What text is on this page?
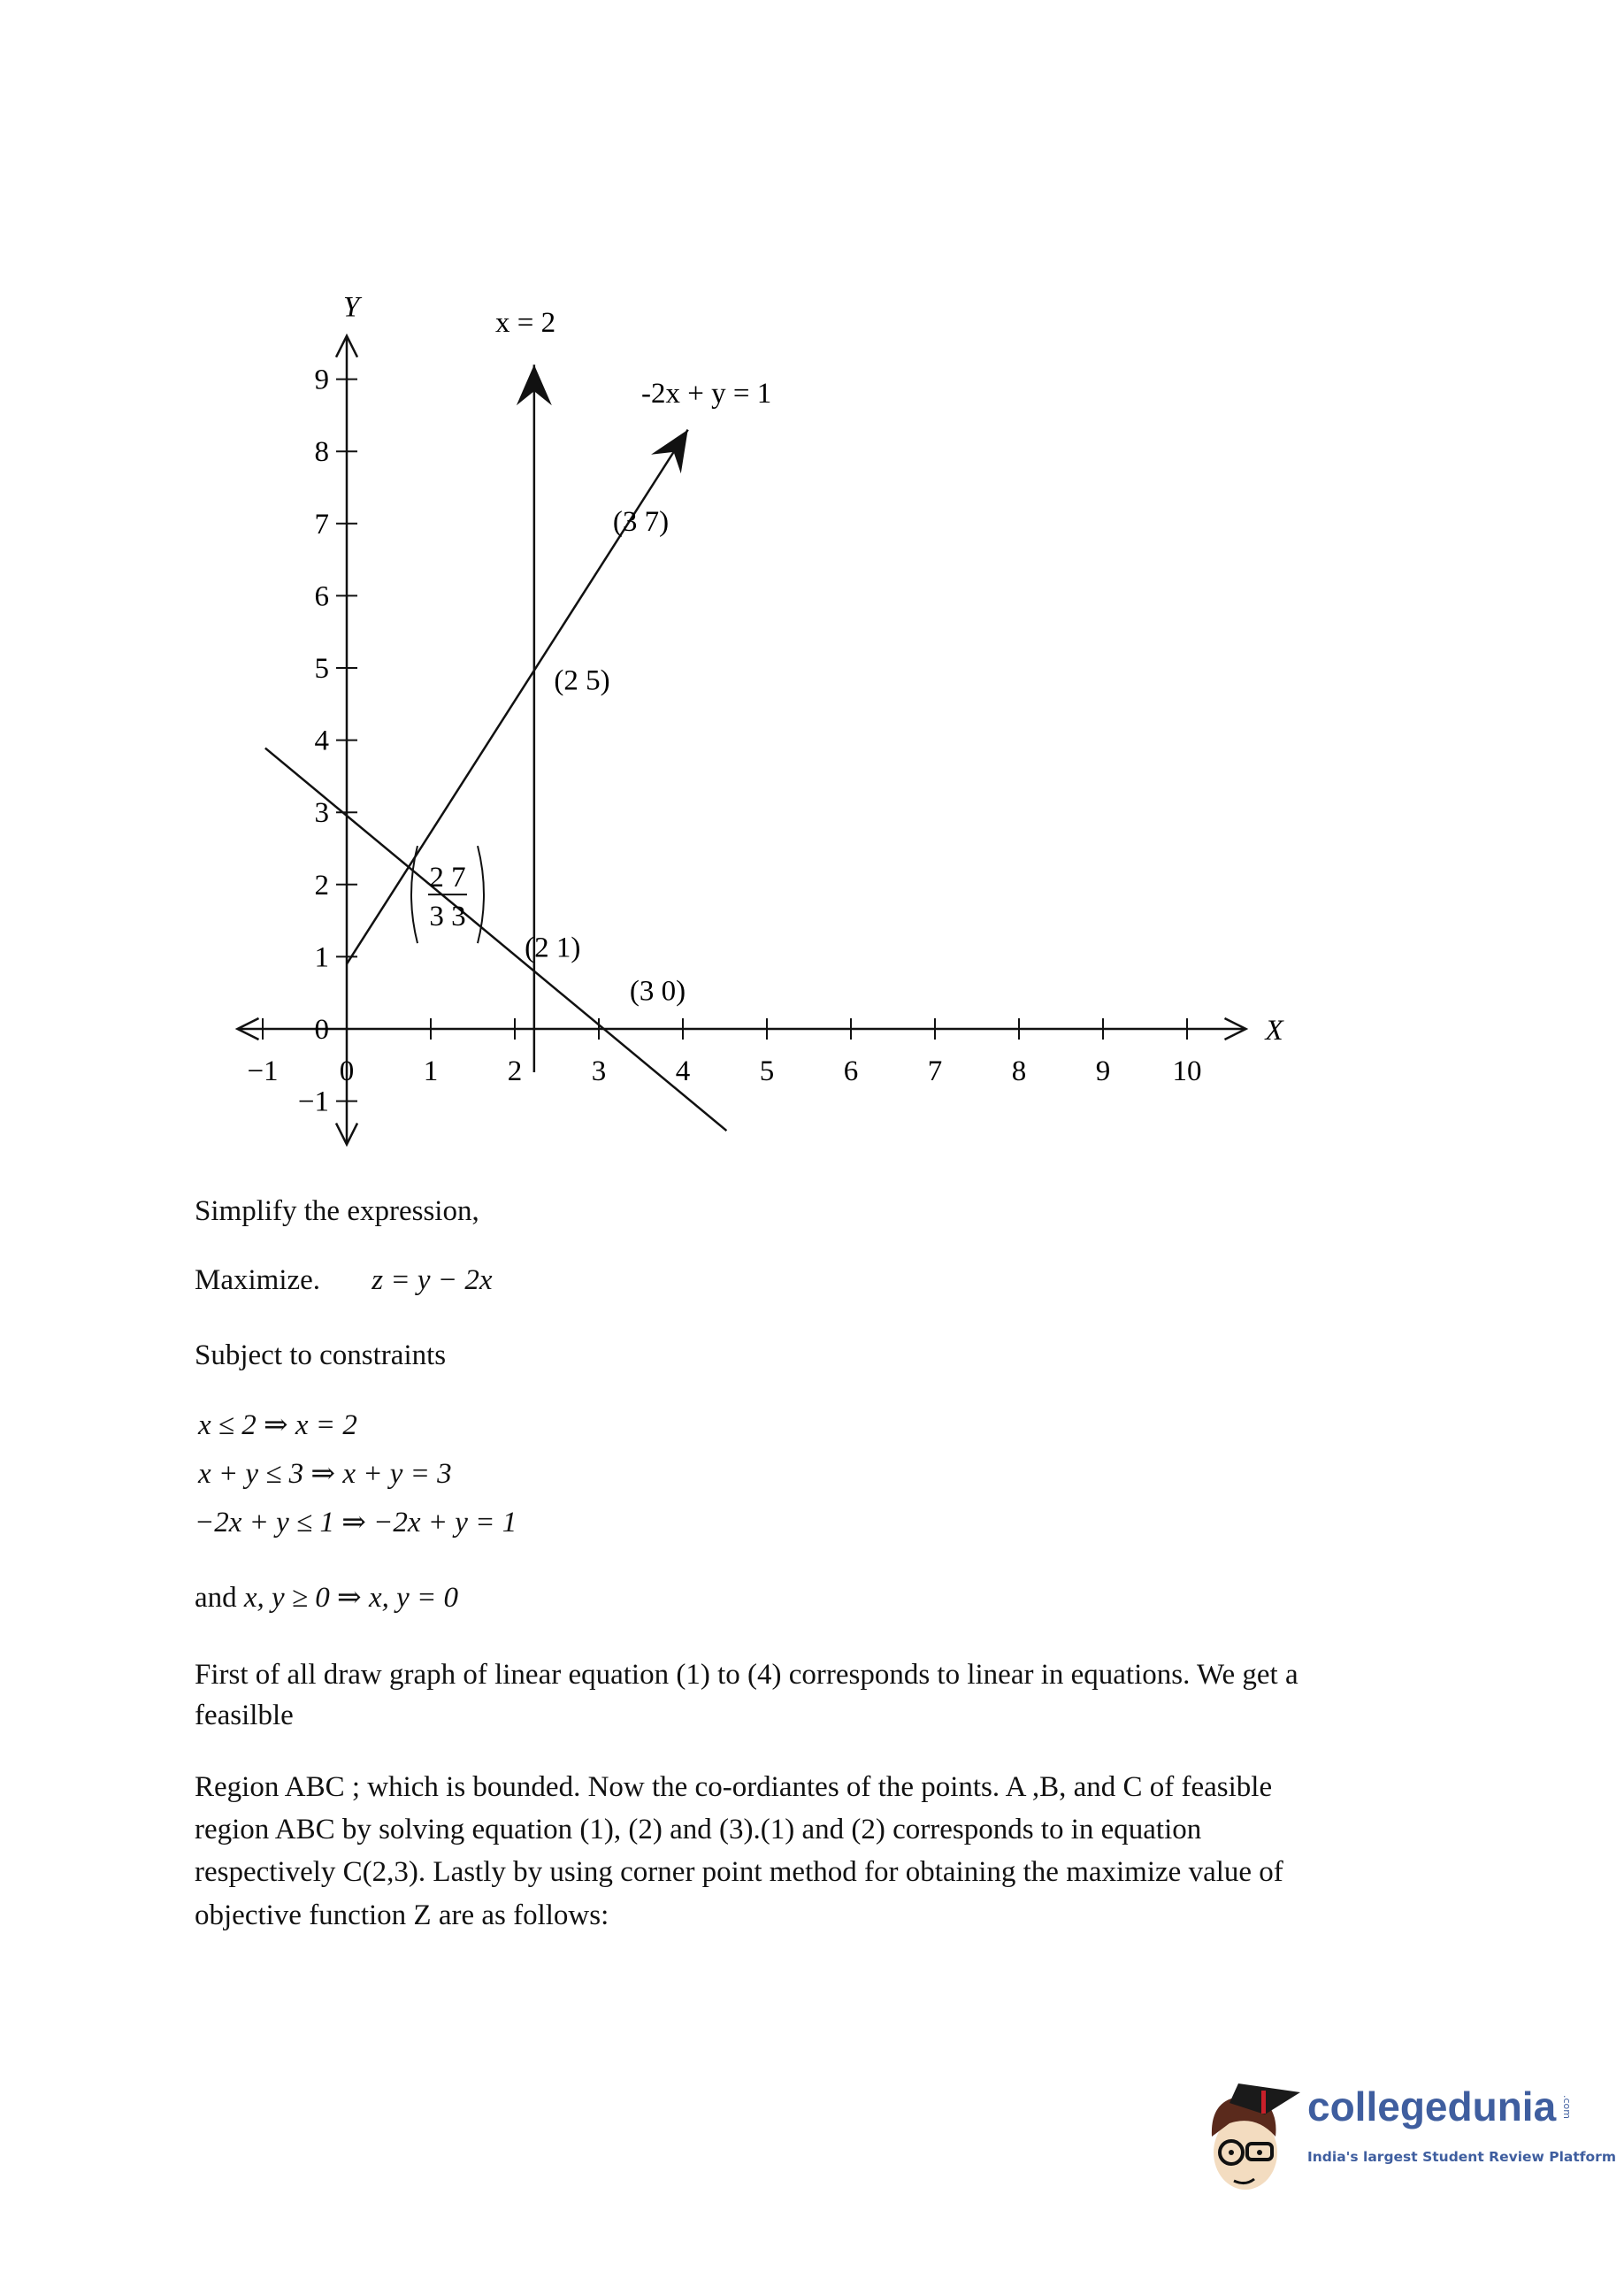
X
Y
−1 0 1 2 3 4 5 6 7 8 9 10
−1
0
1
2
3
4
5
6
7
8
9
x = 2
-2x + y = 1
(3 7)
(2 5)
(2 1)
(3 0)
2 7
3 3
Simplify the expression,
Maximize. z = y − 2x
Subject to constraints
x ≤ 2 ⇒ x = 2
x + y ≤ 3 ⇒ x + y = 3
−2x + y ≤ 1 ⇒ −2x + y = 1
and x, y ≥ 0 ⇒ x, y = 0
First of all draw graph of linear equation (1) to (4) corresponds to linear in equations. We get a
feasilble
Region ABC ; which is bounded. Now the co-ordiantes of the points. A ,B, and C of feasible
region ABC by solving equation (1), (2) and (3).(1) and (2) corresponds to in equation
respectively C(2,3). Lastly by using corner point method for obtaining the maximize value of
objective function Z are as follows:
collegedunia .com
India's largest Student Review Platform
